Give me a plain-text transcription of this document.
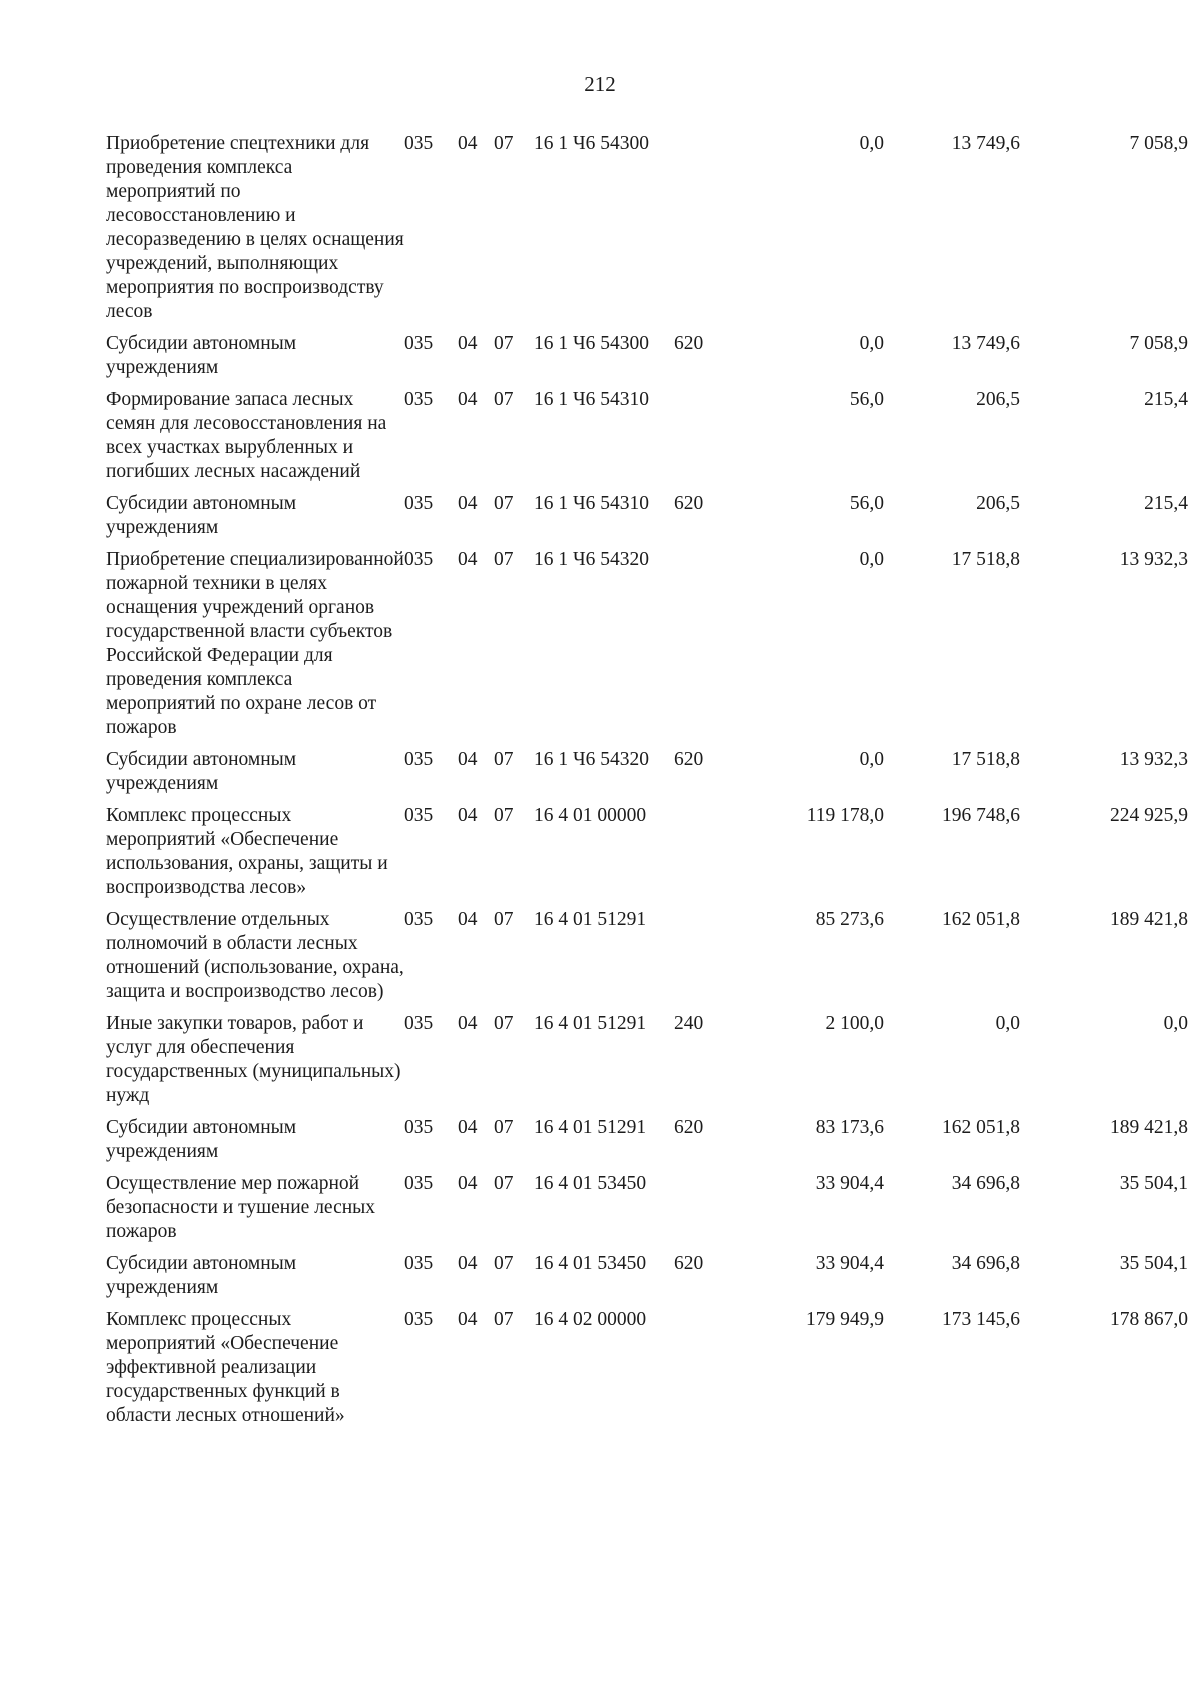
212
Приобретение спецтехники для проведения комплекса мероприятий по лесовосстановлению и лесоразведению в целях оснащения учреждений, выполняющих мероприятия по воспроизводству лесов	035	04	07	16 1 Ч6 54300		0,0	13 749,6	7 058,9
Субсидии автономным учреждениям	035	04	07	16 1 Ч6 54300	620	0,0	13 749,6	7 058,9
Формирование запаса лесных семян для лесовосстановления на всех участках вырубленных и погибших лесных насаждений	035	04	07	16 1 Ч6 54310		56,0	206,5	215,4
Субсидии автономным учреждениям	035	04	07	16 1 Ч6 54310	620	56,0	206,5	215,4
Приобретение специализированной пожарной техники в целях оснащения учреждений органов государственной власти субъектов Российской Федерации для проведения комплекса мероприятий по охране лесов от пожаров	035	04	07	16 1 Ч6 54320		0,0	17 518,8	13 932,3
Субсидии автономным учреждениям	035	04	07	16 1 Ч6 54320	620	0,0	17 518,8	13 932,3
Комплекс процессных мероприятий «Обеспечение использования, охраны, защиты и воспроизводства лесов»	035	04	07	16 4 01 00000		119 178,0	196 748,6	224 925,9
Осуществление отдельных полномочий в области лесных отношений (использование, охрана, защита и воспроизводство лесов)	035	04	07	16 4 01 51291		85 273,6	162 051,8	189 421,8
Иные закупки товаров, работ и услуг для обеспечения государственных (муниципальных) нужд	035	04	07	16 4 01 51291	240	2 100,0	0,0	0,0
Субсидии автономным учреждениям	035	04	07	16 4 01 51291	620	83 173,6	162 051,8	189 421,8
Осуществление мер пожарной безопасности и тушение лесных пожаров	035	04	07	16 4 01 53450		33 904,4	34 696,8	35 504,1
Субсидии автономным учреждениям	035	04	07	16 4 01 53450	620	33 904,4	34 696,8	35 504,1
Комплекс процессных мероприятий «Обеспечение эффективной реализации государственных функций в области лесных отношений»	035	04	07	16 4 02 00000		179 949,9	173 145,6	178 867,0
